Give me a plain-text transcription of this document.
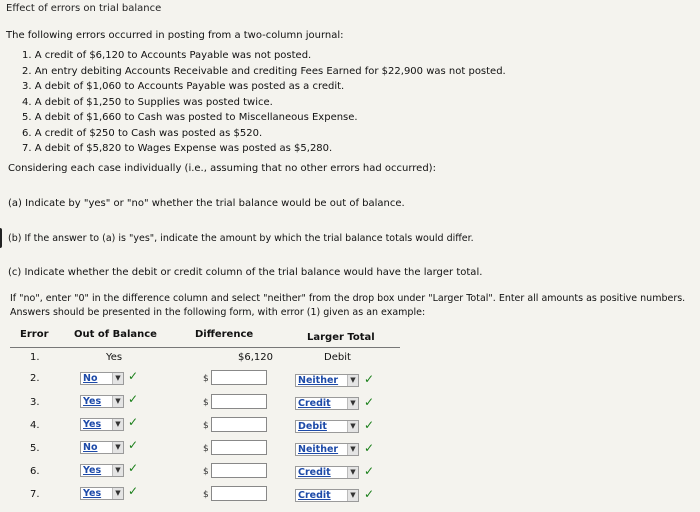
Effect of errors on trial balance
The following errors occurred in posting from a two-column journal:
1. A credit of $6,120 to Accounts Payable was not posted.
2. An entry debiting Accounts Receivable and crediting Fees Earned for $22,900 was not posted.
3. A debit of $1,060 to Accounts Payable was posted as a credit.
4. A debit of $1,250 to Supplies was posted twice.
5. A debit of $1,660 to Cash was posted to Miscellaneous Expense.
6. A credit of $250 to Cash was posted as $520.
7. A debit of $5,820 to Wages Expense was posted as $5,280.
Considering each case individually (i.e., assuming that no other errors had occurred):
(a) Indicate by "yes" or "no" whether the trial balance would be out of balance.
(b) If the answer to (a) is "yes", indicate the amount by which the trial balance totals would differ.
(c) Indicate whether the debit or credit column of the trial balance would have the larger total.
If "no", enter "0" in the difference column and select "neither" from the drop box under "Larger Total". Enter all amounts as positive numbers.
Answers should be presented in the following form, with error (1) given as an example:
Error	Out of Balance	Difference	Larger Total
1.	Yes	$6,120	Debit
2.	No	▼ ✓	$	Neither	▼ ✓
3.	Yes	▼ ✓	$	Credit	▼ ✓
4.	Yes	▼ ✓	$	Debit	▼ ✓
5.	No	▼ ✓	$	Neither	▼ ✓
6.	Yes	▼ ✓	$	Credit	▼ ✓
7.	Yes	▼ ✓	$	Credit	▼ ✓
